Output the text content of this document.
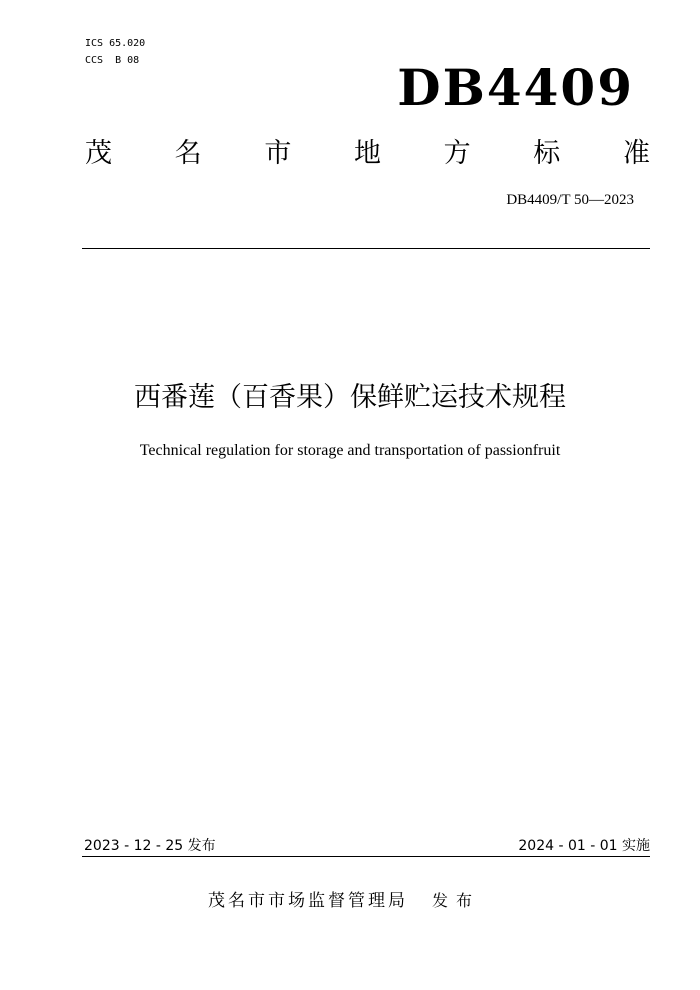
ICS 65.020
CCS  B 08	DB4409
茂 名 市 地 方 标 准
DB4409/T 50—2023
西番莲（百香果）保鲜贮运技术规程
Technical regulation for storage and transportation of passionfruit
2023 - 12 - 25 发布	2024 - 01 - 01 实施
茂名市市场监督管理局 发布
